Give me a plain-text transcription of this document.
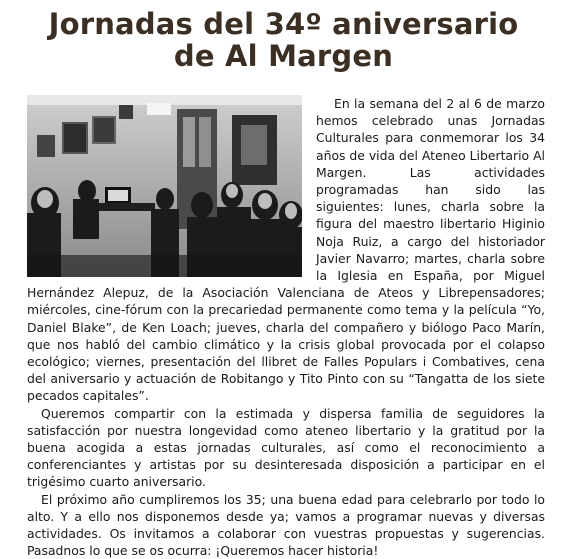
Jornadas del 34º aniversario
de Al Margen

En la semana del 2 al 6 de marzo hemos celebrado unas Jornadas Culturales para conmemorar los 34 años de vida del Ateneo Libertario Al Margen. Las actividades programadas han sido las siguientes: lunes, charla sobre la figura del maestro libertario Higinio Noja Ruiz, a cargo del historiador Javier Navarro; martes, charla sobre la Iglesia en España, por Miguel Hernández Alepuz, de la Asociación Valenciana de Ateos y Librepensadores; miércoles, cine-fórum con la precariedad permanente como tema y la película “Yo, Daniel Blake”, de Ken Loach; jueves, charla del compañero y biólogo Paco Marín, que nos habló del cambio climático y la crisis global provocada por el colapso ecológico; viernes, presentación del llibret de Falles Populars i Combatives, cena del aniversario y actuación de Robitango y Tito Pinto con su “Tangatta de los siete pecados capitales”.

Queremos compartir con la estimada y dispersa familia de seguidores la satisfacción por nuestra longevidad como ateneo libertario y la gratitud por la buena acogida a estas jornadas culturales, así como el reconocimiento a conferenciantes y artistas por su desinteresada disposición a participar en el trigésimo cuarto aniversario.

El próximo año cumpliremos los 35; una buena edad para celebrarlo por todo lo alto. Y a ello nos disponemos desde ya; vamos a programar nuevas y diversas actividades. Os invitamos a colaborar con vuestras propuestas y sugerencias. Pasadnos lo que se os ocurra: ¡Queremos hacer historia!
